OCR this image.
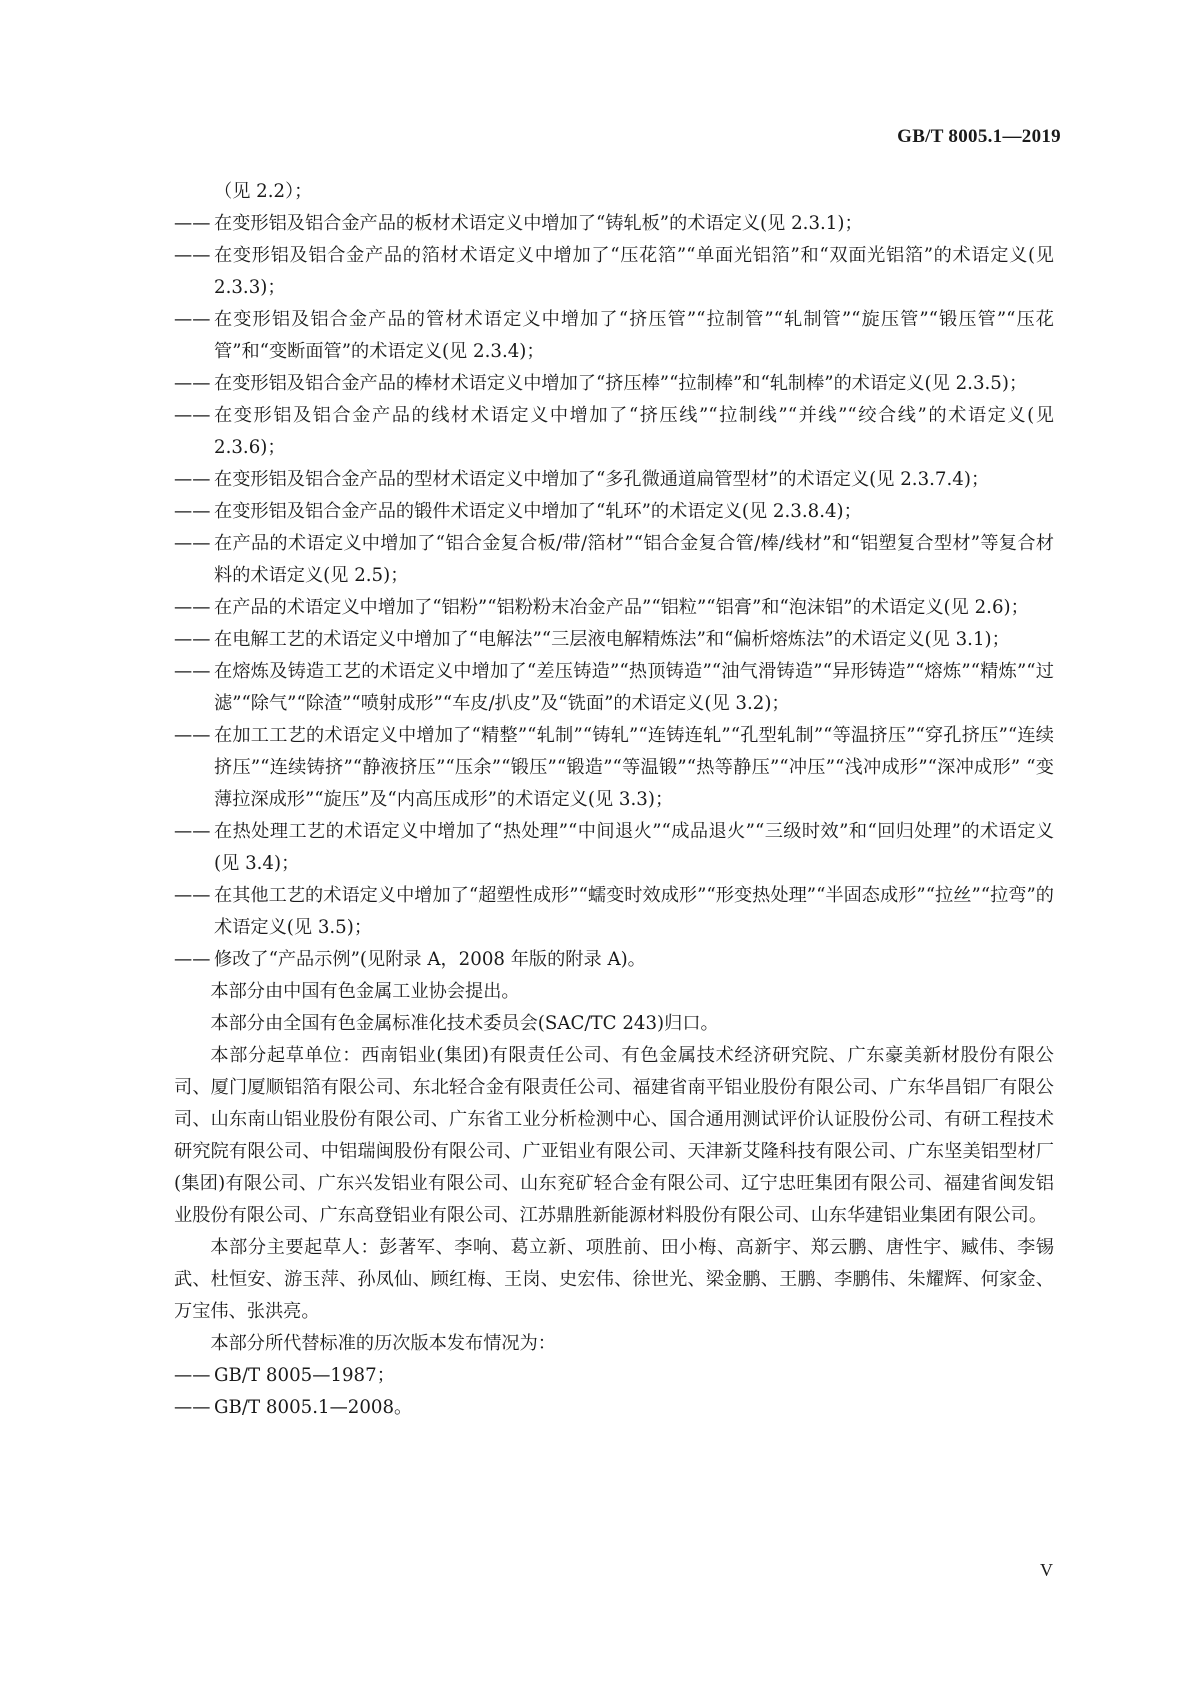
GB/T 8005.1—2019
（见 2.2）；
—— 在变形铝及铝合金产品的板材术语定义中增加了“铸轧板”的术语定义(见 2.3.1)；
—— 在变形铝及铝合金产品的箔材术语定义中增加了“压花箔”“单面光铝箔”和“双面光铝箔”的术语定义(见 2.3.3)；
—— 在变形铝及铝合金产品的管材术语定义中增加了“挤压管”“拉制管”“轧制管”“旋压管”“锻压管”“压花管”和“变断面管”的术语定义(见 2.3.4)；
—— 在变形铝及铝合金产品的棒材术语定义中增加了“挤压棒”“拉制棒”和“轧制棒”的术语定义(见 2.3.5)；
—— 在变形铝及铝合金产品的线材术语定义中增加了“挤压线”“拉制线”“并线”“绞合线”的术语定义(见 2.3.6)；
—— 在变形铝及铝合金产品的型材术语定义中增加了“多孔微通道扁管型材”的术语定义(见 2.3.7.4)；
—— 在变形铝及铝合金产品的锻件术语定义中增加了“轧环”的术语定义(见 2.3.8.4)；
—— 在产品的术语定义中增加了“铝合金复合板/带/箔材”“铝合金复合管/棒/线材”和“铝塑复合型材”等复合材料的术语定义(见 2.5)；
—— 在产品的术语定义中增加了“铝粉”“铝粉粉末冶金产品”“铝粒”“铝膏”和“泡沫铝”的术语定义(见 2.6)；
—— 在电解工艺的术语定义中增加了“电解法”“三层液电解精炼法”和“偏析熔炼法”的术语定义(见 3.1)；
—— 在熔炼及铸造工艺的术语定义中增加了“差压铸造”“热顶铸造”“油气滑铸造”“异形铸造”“熔炼”“精炼”“过滤”“除气”“除渣”“喷射成形”“车皮/扒皮”及“铣面”的术语定义(见 3.2)；
—— 在加工工艺的术语定义中增加了“精整”“轧制”“铸轧”“连铸连轧”“孔型轧制”“等温挤压”“穿孔挤压”“连续挤压”“连续铸挤”“静液挤压”“压余”“锻压”“锻造”“等温锻”“热等静压”“冲压”“浅冲成形”“深冲成形” “变薄拉深成形”“旋压”及“内高压成形”的术语定义(见 3.3)；
—— 在热处理工艺的术语定义中增加了“热处理”“中间退火”“成品退火”“三级时效”和“回归处理”的术语定义(见 3.4)；
—— 在其他工艺的术语定义中增加了“超塑性成形”“蠕变时效成形”“形变热处理”“半固态成形”“拉丝”“拉弯”的术语定义(见 3.5)；
—— 修改了“产品示例”(见附录 A，2008 年版的附录 A)。
本部分由中国有色金属工业协会提出。
本部分由全国有色金属标准化技术委员会(SAC/TC 243)归口。
本部分起草单位：西南铝业(集团)有限责任公司、有色金属技术经济研究院、广东豪美新材股份有限公司、厦门厦顺铝箔有限公司、东北轻合金有限责任公司、福建省南平铝业股份有限公司、广东华昌铝厂有限公司、山东南山铝业股份有限公司、广东省工业分析检测中心、国合通用测试评价认证股份公司、有研工程技术研究院有限公司、中铝瑞闽股份有限公司、广亚铝业有限公司、天津新艾隆科技有限公司、广东坚美铝型材厂(集团)有限公司、广东兴发铝业有限公司、山东兖矿轻合金有限公司、辽宁忠旺集团有限公司、福建省闽发铝业股份有限公司、广东高登铝业有限公司、江苏鼎胜新能源材料股份有限公司、山东华建铝业集团有限公司。
本部分主要起草人：彭著军、李响、葛立新、项胜前、田小梅、高新宇、郑云鹏、唐性宇、臧伟、李锡武、杜恒安、游玉萍、孙凤仙、顾红梅、王岗、史宏伟、徐世光、梁金鹏、王鹏、李鹏伟、朱耀辉、何家金、万宝伟、张洪亮。
本部分所代替标准的历次版本发布情况为：
—— GB/T 8005—1987；
—— GB/T 8005.1—2008。
V
